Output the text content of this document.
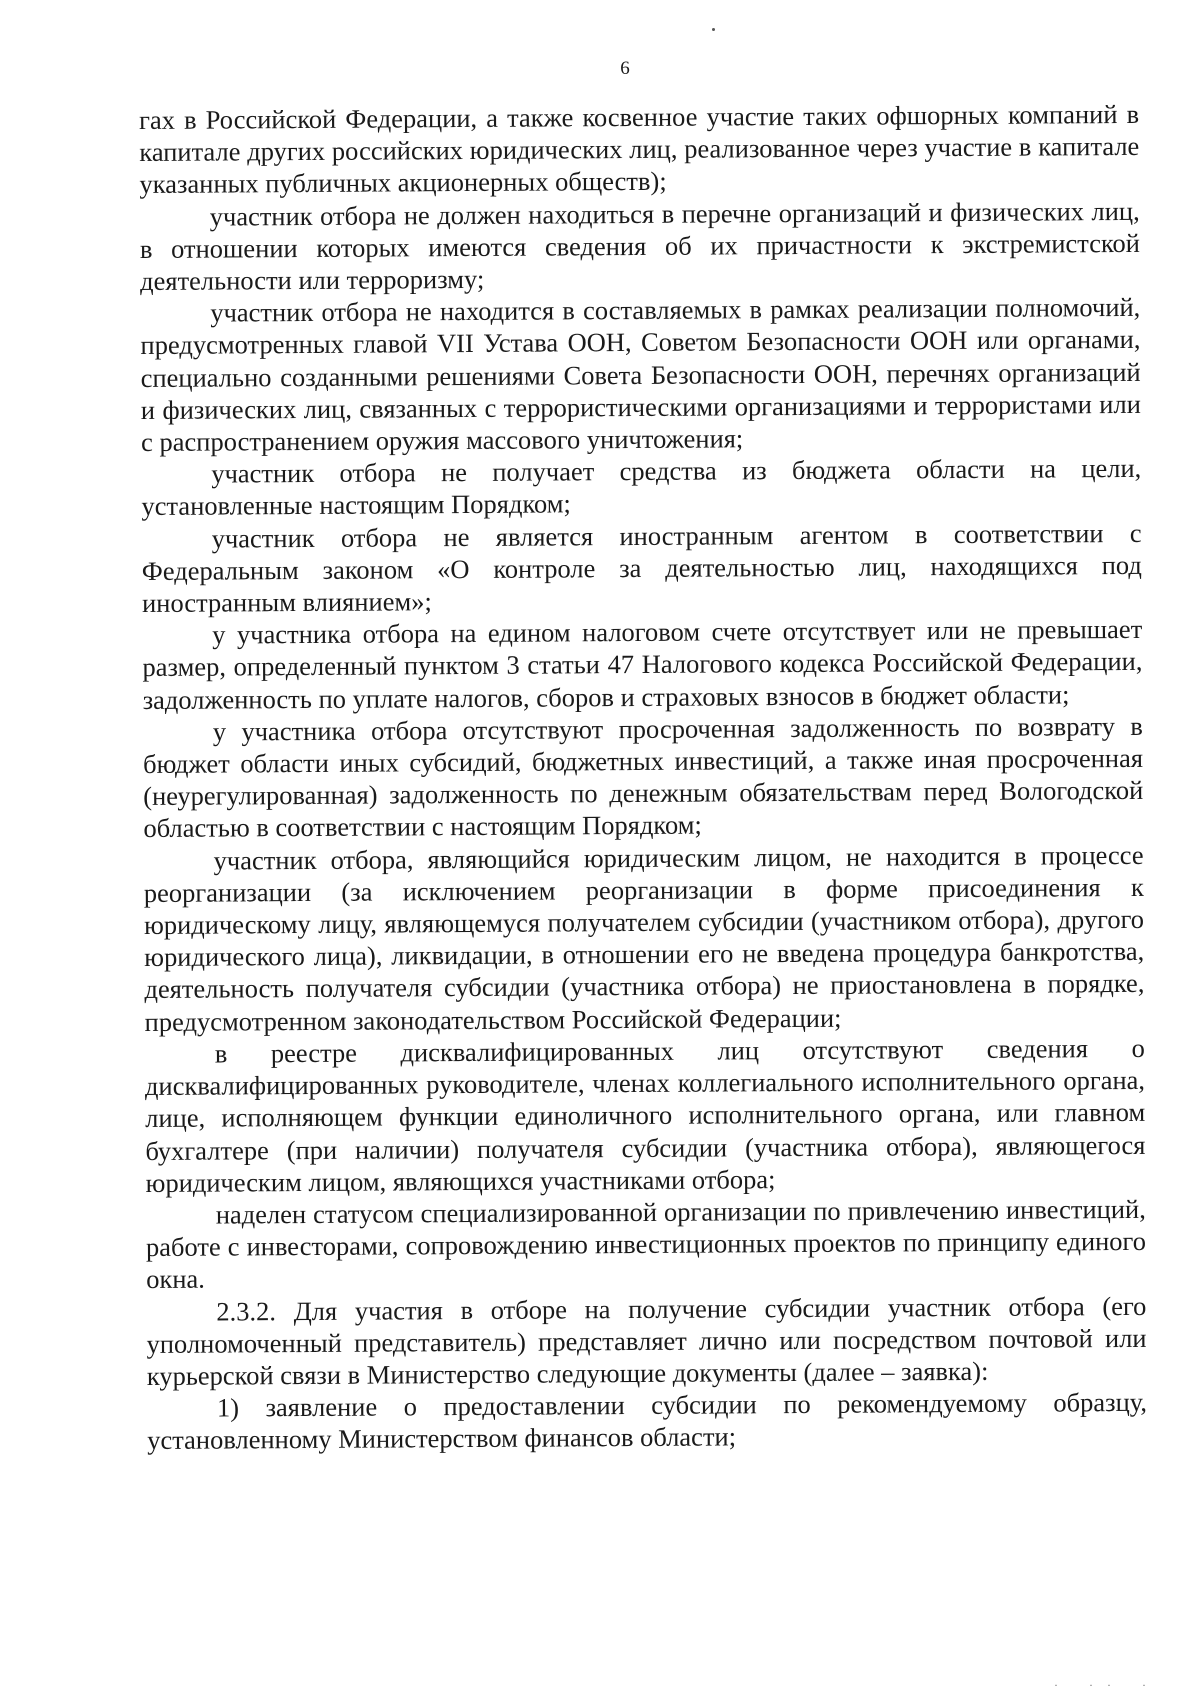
6

гах в Российской Федерации, а также косвенное участие таких офшорных компаний в капитале других российских юридических лиц, реализованное через участие в капитале указанных публичных акционерных обществ);

участник отбора не должен находиться в перечне организаций и физических лиц, в отношении которых имеются сведения об их причастности к экстремистской деятельности или терроризму;

участник отбора не находится в составляемых в рамках реализации полномочий, предусмотренных главой VII Устава ООН, Советом Безопасности ООН или органами, специально созданными решениями Совета Безопасности ООН, перечнях организаций и физических лиц, связанных с террористическими организациями и террористами или с распространением оружия массового уничтожения;

участник отбора не получает средства из бюджета области на цели, установленные настоящим Порядком;

участник отбора не является иностранным агентом в соответствии с Федеральным законом «О контроле за деятельностью лиц, находящихся под иностранным влиянием»;

у участника отбора на едином налоговом счете отсутствует или не превышает размер, определенный пунктом 3 статьи 47 Налогового кодекса Российской Федерации, задолженность по уплате налогов, сборов и страховых взносов в бюджет области;

у участника отбора отсутствуют просроченная задолженность по возврату в бюджет области иных субсидий, бюджетных инвестиций, а также иная просроченная (неурегулированная) задолженность по денежным обязательствам перед Вологодской областью в соответствии с настоящим Порядком;

участник отбора, являющийся юридическим лицом, не находится в процессе реорганизации (за исключением реорганизации в форме присоединения к юридическому лицу, являющемуся получателем субсидии (участником отбора), другого юридического лица), ликвидации, в отношении его не введена процедура банкротства, деятельность получателя субсидии (участника отбора) не приостановлена в порядке, предусмотренном законодательством Российской Федерации;

в реестре дисквалифицированных лиц отсутствуют сведения о дисквалифицированных руководителе, членах коллегиального исполнительного органа, лице, исполняющем функции единоличного исполнительного органа, или главном бухгалтере (при наличии) получателя субсидии (участника отбора), являющегося юридическим лицом, являющихся участниками отбора;

наделен статусом специализированной организации по привлечению инвестиций, работе с инвесторами, сопровождению инвестиционных проектов по принципу единого окна.

2.3.2. Для участия в отборе на получение субсидии участник отбора (его уполномоченный представитель) представляет лично или посредством почтовой или курьерской связи в Министерство следующие документы (далее – заявка):

1) заявление о предоставлении субсидии по рекомендуемому образцу, установленному Министерством финансов области;

· ·· ·
